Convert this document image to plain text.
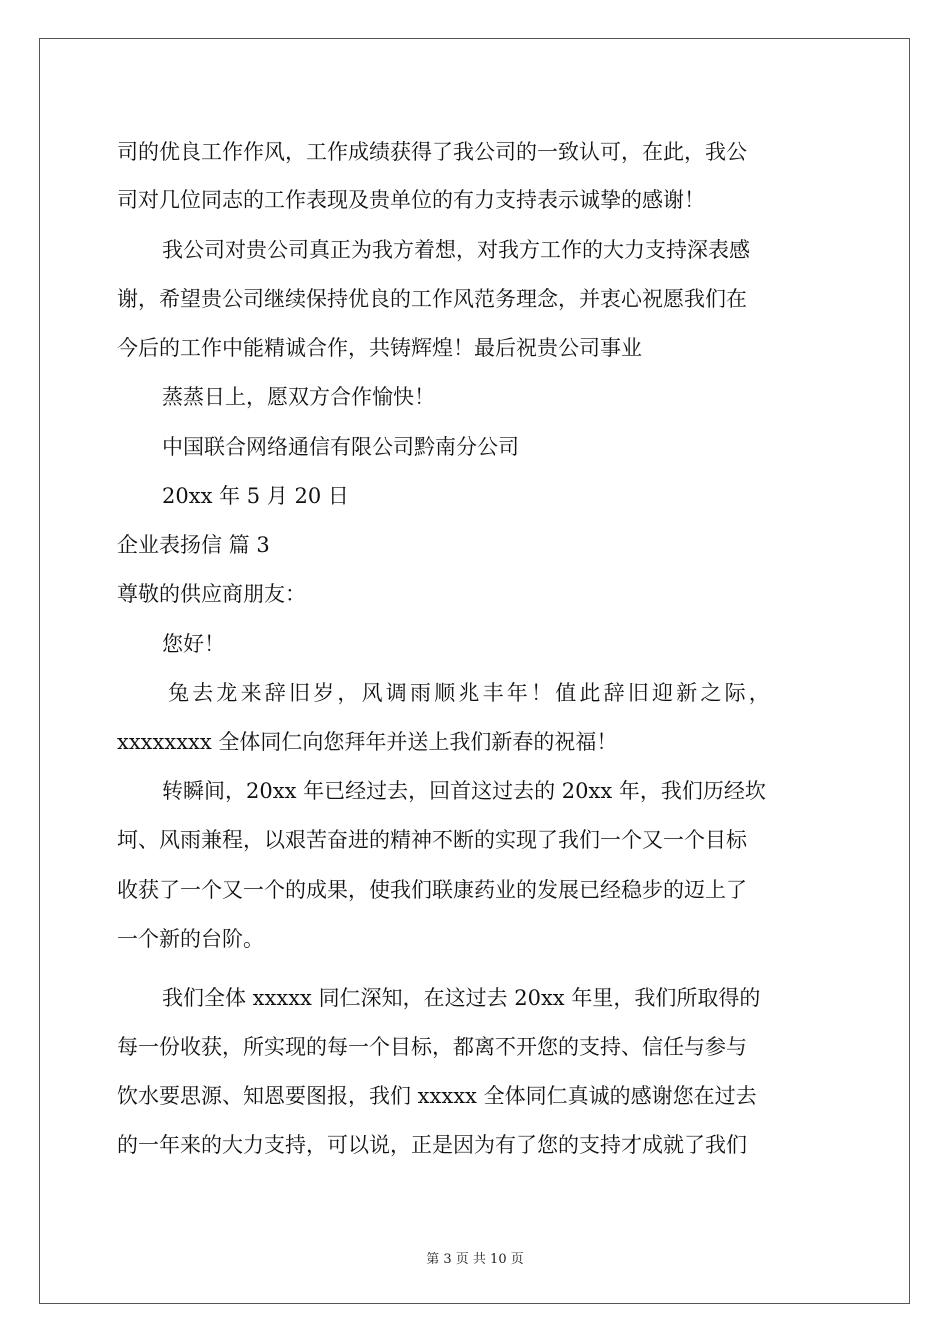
司的优良工作作风，工作成绩获得了我公司的一致认可，在此，我公
司对几位同志的工作表现及贵单位的有力支持表示诚挚的感谢！
我公司对贵公司真正为我方着想，对我方工作的大力支持深表感
谢，希望贵公司继续保持优良的工作风范务理念，并衷心祝愿我们在
今后的工作中能精诚合作，共铸辉煌！最后祝贵公司事业
蒸蒸日上，愿双方合作愉快！
中国联合网络通信有限公司黔南分公司
20xx 年 5 月 20 日
企业表扬信 篇 3
尊敬的供应商朋友：
您好！
兔去龙来辞旧岁，风调雨顺兆丰年！值此辞旧迎新之际，
xxxxxxxx 全体同仁向您拜年并送上我们新春的祝福！
转瞬间，20xx 年已经过去，回首这过去的 20xx 年，我们历经坎
坷、风雨兼程，以艰苦奋进的精神不断的实现了我们一个又一个目标
收获了一个又一个的成果，使我们联康药业的发展已经稳步的迈上了
一个新的台阶。
我们全体 xxxxx 同仁深知，在这过去 20xx 年里，我们所取得的
每一份收获，所实现的每一个目标，都离不开您的支持、信任与参与
饮水要思源、知恩要图报，我们 xxxxx 全体同仁真诚的感谢您在过去
的一年来的大力支持，可以说，正是因为有了您的支持才成就了我们
第 3 页 共 10 页
